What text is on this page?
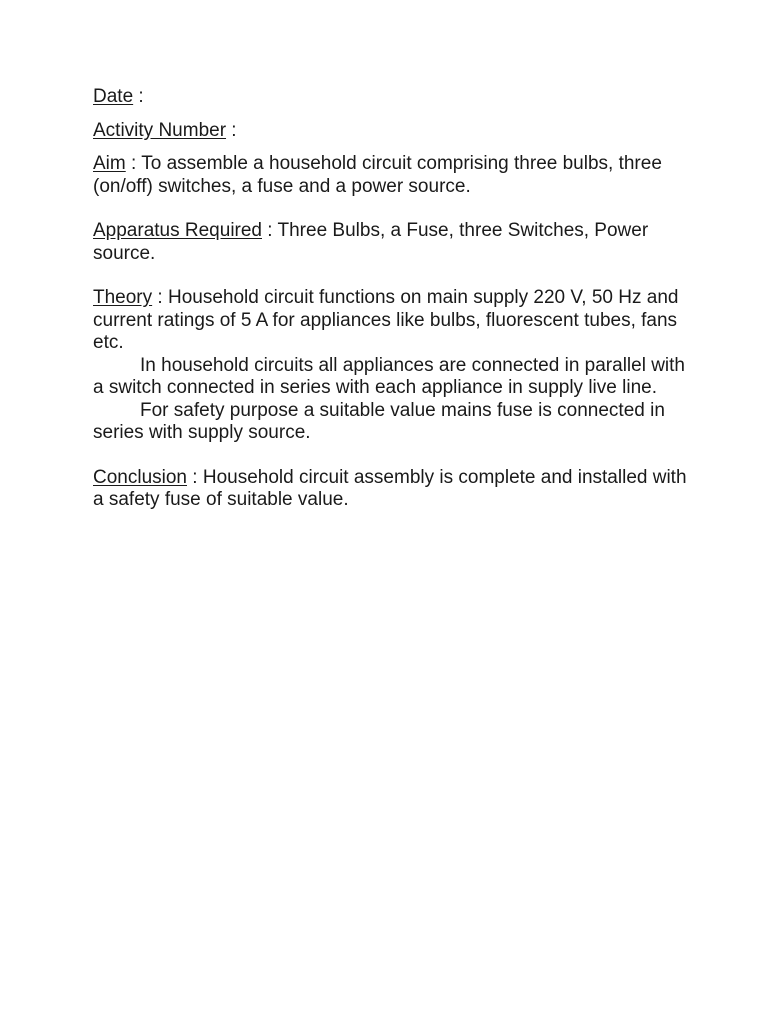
Date :

Activity Number :

Aim : To assemble a household circuit comprising three bulbs, three (on/off) switches, a fuse and a power source.

Apparatus Required : Three Bulbs, a Fuse, three Switches, Power source.

Theory : Household circuit functions on main supply 220 V, 50 Hz and current ratings of 5 A for appliances like bulbs, fluorescent tubes, fans etc.

In household circuits all appliances are connected in parallel with a switch connected in series with each appliance in supply live line.

For safety purpose a suitable value mains fuse is connected in series with supply source.

Conclusion : Household circuit assembly is complete and installed with a safety fuse of suitable value.
